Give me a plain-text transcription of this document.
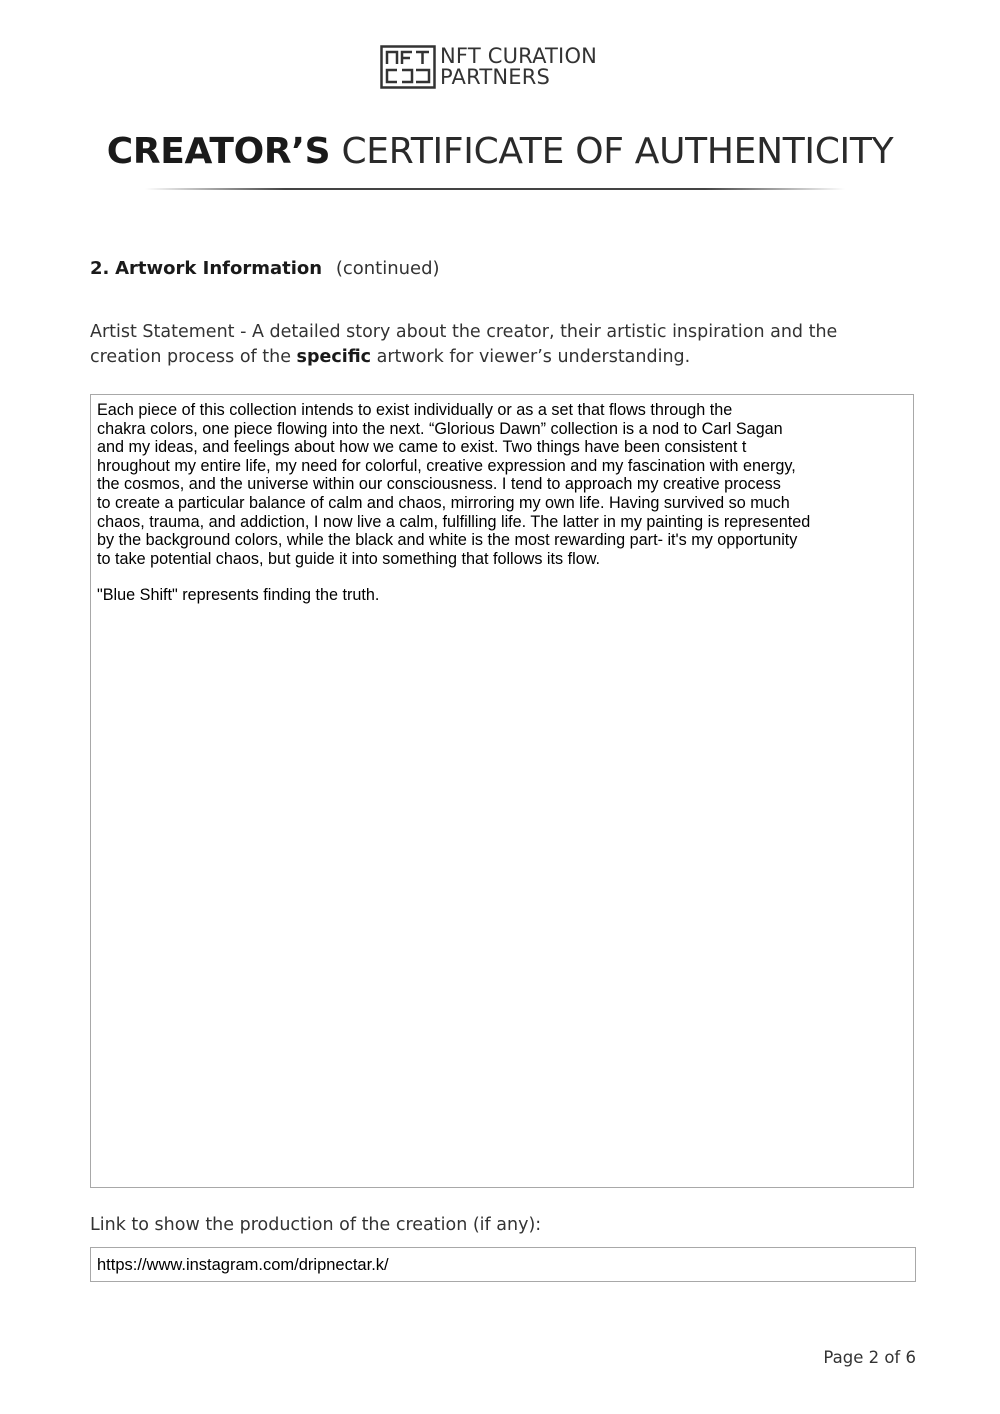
NFT CURATION
PARTNERS
CREATOR’S CERTIFICATE OF AUTHENTICITY
2. Artwork Information (continued)
Artist Statement - A detailed story about the creator, their artistic inspiration and the creation process of the specific artwork for viewer’s understanding.

Each piece of this collection intends to exist individually or as a set that flows through the
chakra colors, one piece flowing into the next. “Glorious Dawn” collection is a nod to Carl Sagan
and my ideas, and feelings about how we came to exist. Two things have been consistent t
hroughout my entire life, my need for colorful, creative expression and my fascination with energy,
the cosmos, and the universe within our consciousness. I tend to approach my creative process
to create a particular balance of calm and chaos, mirroring my own life. Having survived so much
chaos, trauma, and addiction, I now live a calm, fulfilling life. The latter in my painting is represented
by the background colors, while the black and white is the most rewarding part- it's my opportunity
to take potential chaos, but guide it into something that follows its flow.

"Blue Shift" represents finding the truth.

Link to show the production of the creation (if any):
https://www.instagram.com/dripnectar.k/
Page 2 of 6
